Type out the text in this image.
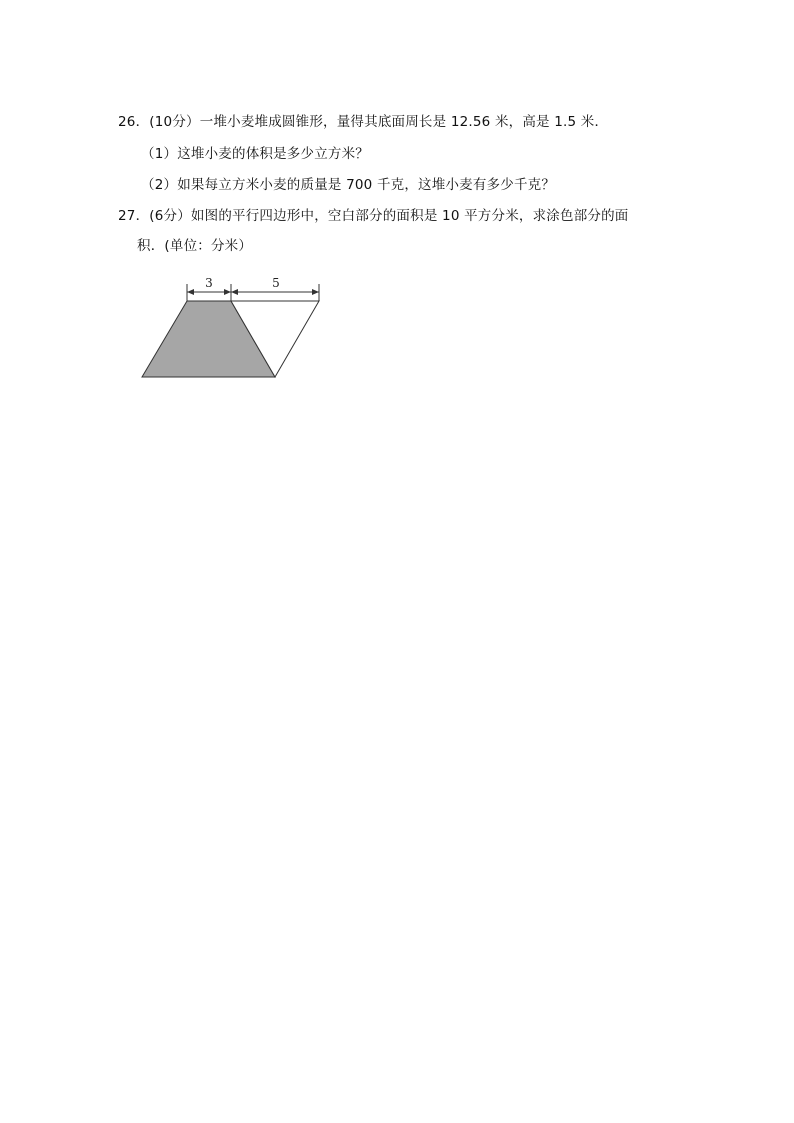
26．(10分）一堆小麦堆成圆锥形，量得其底面周长是 12.56 米，高是 1.5 米．
（1）这堆小麦的体积是多少立方米？
（2）如果每立方米小麦的质量是 700 千克，这堆小麦有多少千克？
27．(6分）如图的平行四边形中，空白部分的面积是 10 平方分米，求涂色部分的面
积．(单位：分米）
3	5
